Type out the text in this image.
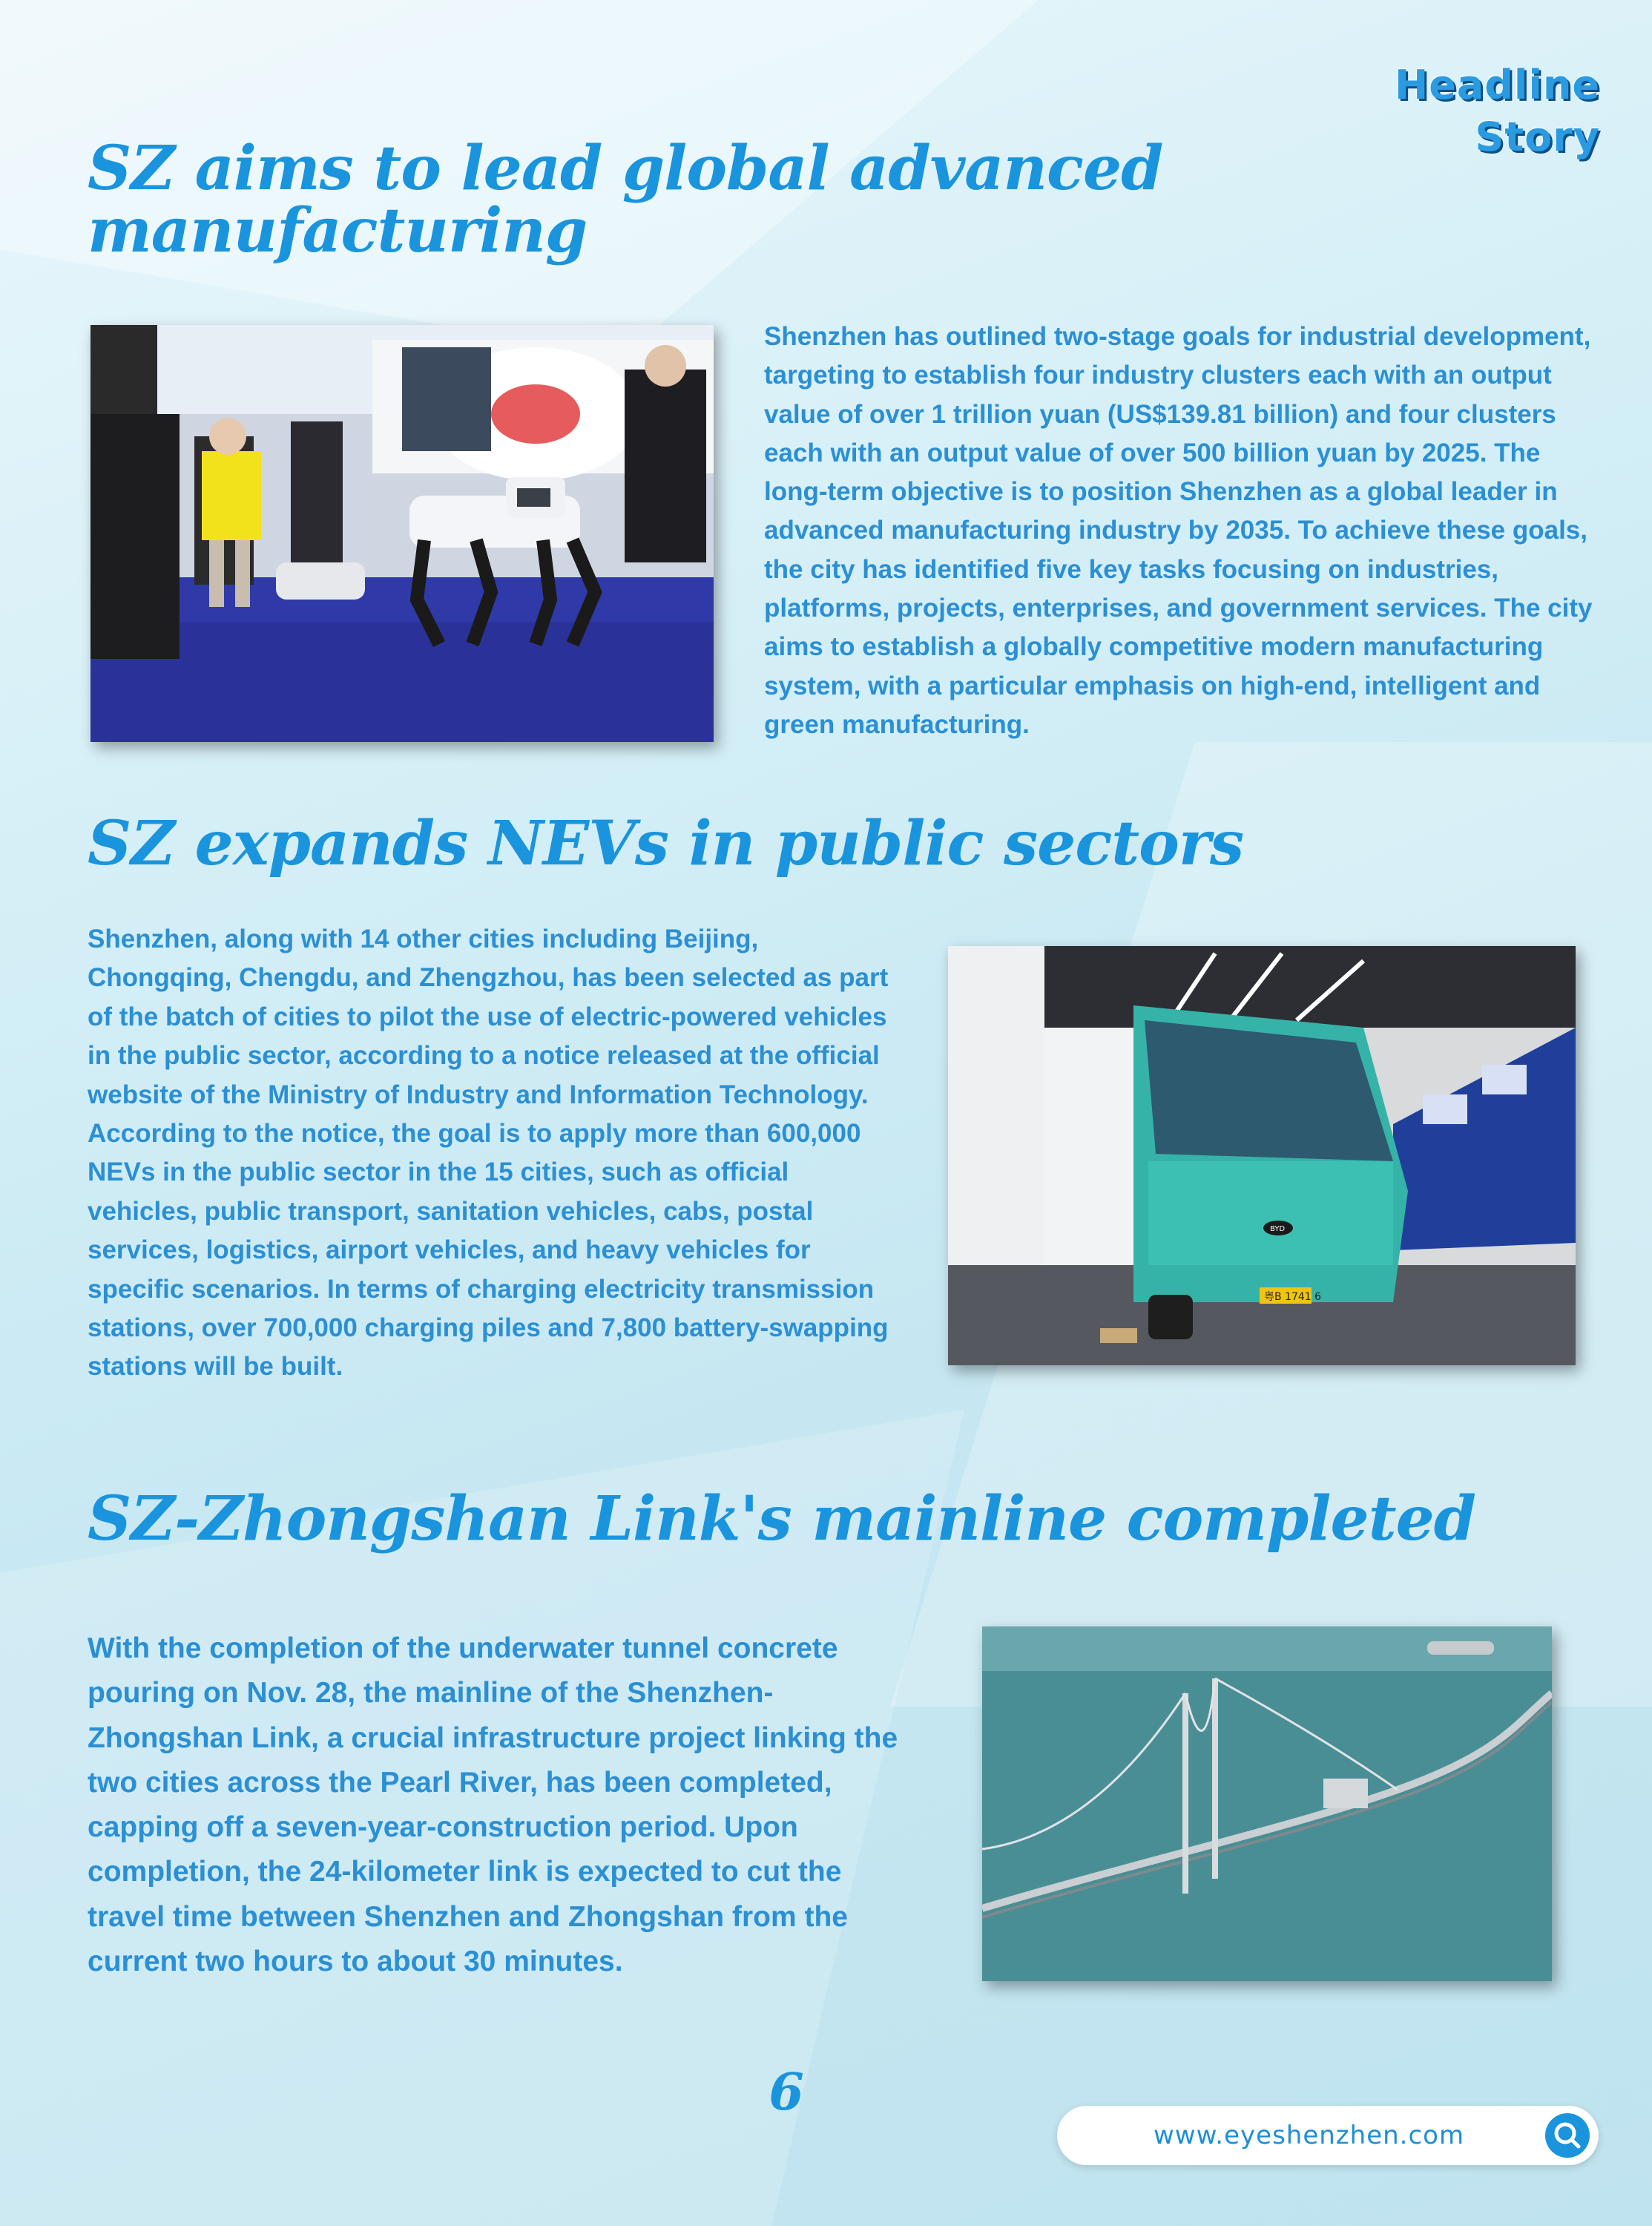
Headline
Story
SZ aims to lead global advanced
manufacturing

Shenzhen has outlined two-stage goals for industrial development, targeting to establish four industry clusters each with an output value of over 1 trillion yuan (US$139.81 billion) and four clusters each with an output value of over 500 billion yuan by 2025. The long-term objective is to position Shenzhen as a global leader in advanced manufacturing industry by 2035. To achieve these goals, the city has identified five key tasks focusing on industries, platforms, projects, enterprises, and government services. The city aims to establish a globally competitive modern manufacturing system, with a particular emphasis on high-end, intelligent and green manufacturing.

SZ expands NEVs in public sectors

Shenzhen, along with 14 other cities including Beijing, Chongqing, Chengdu, and Zhengzhou, has been selected as part of the batch of cities to pilot the use of electric-powered vehicles in the public sector, according to a notice released at the official website of the Ministry of Industry and Information Technology. According to the notice, the goal is to apply more than 600,000 NEVs in the public sector in the 15 cities, such as official vehicles, public transport, sanitation vehicles, cabs, postal services, logistics, airport vehicles, and heavy vehicles for specific scenarios. In terms of charging electricity transmission stations, over 700,000 charging piles and 7,800 battery-swapping stations will be built.

粤B 1741 6
BYD
SZ-Zhongshan Link's mainline completed

With the completion of the underwater tunnel concrete pouring on Nov. 28, the mainline of the Shenzhen-Zhongshan Link, a crucial infrastructure project linking the two cities across the Pearl River, has been completed, capping off a seven-year-construction period. Upon completion, the 24-kilometer link is expected to cut the travel time between Shenzhen and Zhongshan from the current two hours to about 30 minutes.

6
www.eyeshenzhen.com
